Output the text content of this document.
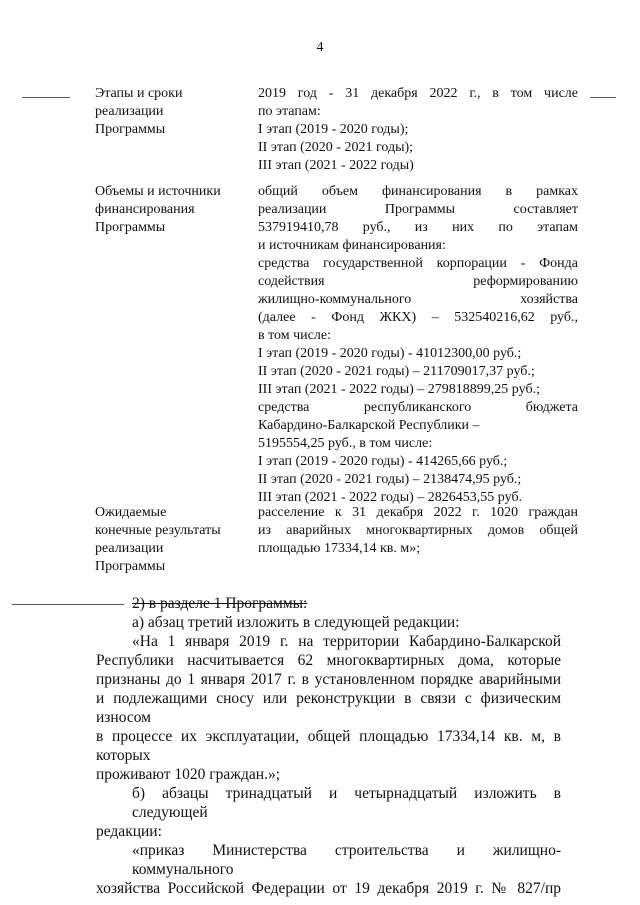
4
Этапы и сроки
реализации
Программы
2019 год - 31 декабря 2022 г., в том числе
по этапам:
I этап (2019 - 2020 годы);
II этап (2020 - 2021 годы);
III этап (2021 - 2022 годы)
Объемы и источники
финансирования
Программы
общий объем финансирования в рамках
реализации Программы составляет
537919410,78 руб., из них по этапам
и источникам финансирования:
средства государственной корпорации - Фонда
содействия реформированию
жилищно-коммунального хозяйства
(далее - Фонд ЖКХ) – 532540216,62 руб.,
в том числе:
I этап (2019 - 2020 годы) - 41012300,00 руб.;
II этап (2020 - 2021 годы) – 211709017,37 руб.;
III этап (2021 - 2022 годы) – 279818899,25 руб.;
средства республиканского бюджета
Кабардино-Балкарской Республики –
5195554,25 руб., в том числе:
I этап (2019 - 2020 годы) - 414265,66 руб.;
II этап (2020 - 2021 годы) – 2138474,95 руб.;
III этап (2021 - 2022 годы) – 2826453,55 руб.
Ожидаемые
конечные результаты
реализации
Программы
расселение к 31 декабря 2022 г. 1020 граждан
из аварийных многоквартирных домов общей
площадью 17334,14 кв. м»;
2) в разделе 1 Программы:
а) абзац третий изложить в следующей редакции:
«На 1 января 2019 г. на территории Кабардино-Балкарской
Республики насчитывается 62 многоквартирных дома, которые
признаны до 1 января 2017 г. в установленном порядке аварийными
и подлежащими сносу или реконструкции в связи с физическим износом
в процессе их эксплуатации, общей площадью 17334,14 кв. м, в которых
проживают 1020 граждан.»;
б) абзацы тринадцатый и четырнадцатый изложить в следующей
редакции:
«приказ Министерства строительства и жилищно-коммунального
хозяйства Российской Федерации от 19 декабря 2019 г. № 827/пр
